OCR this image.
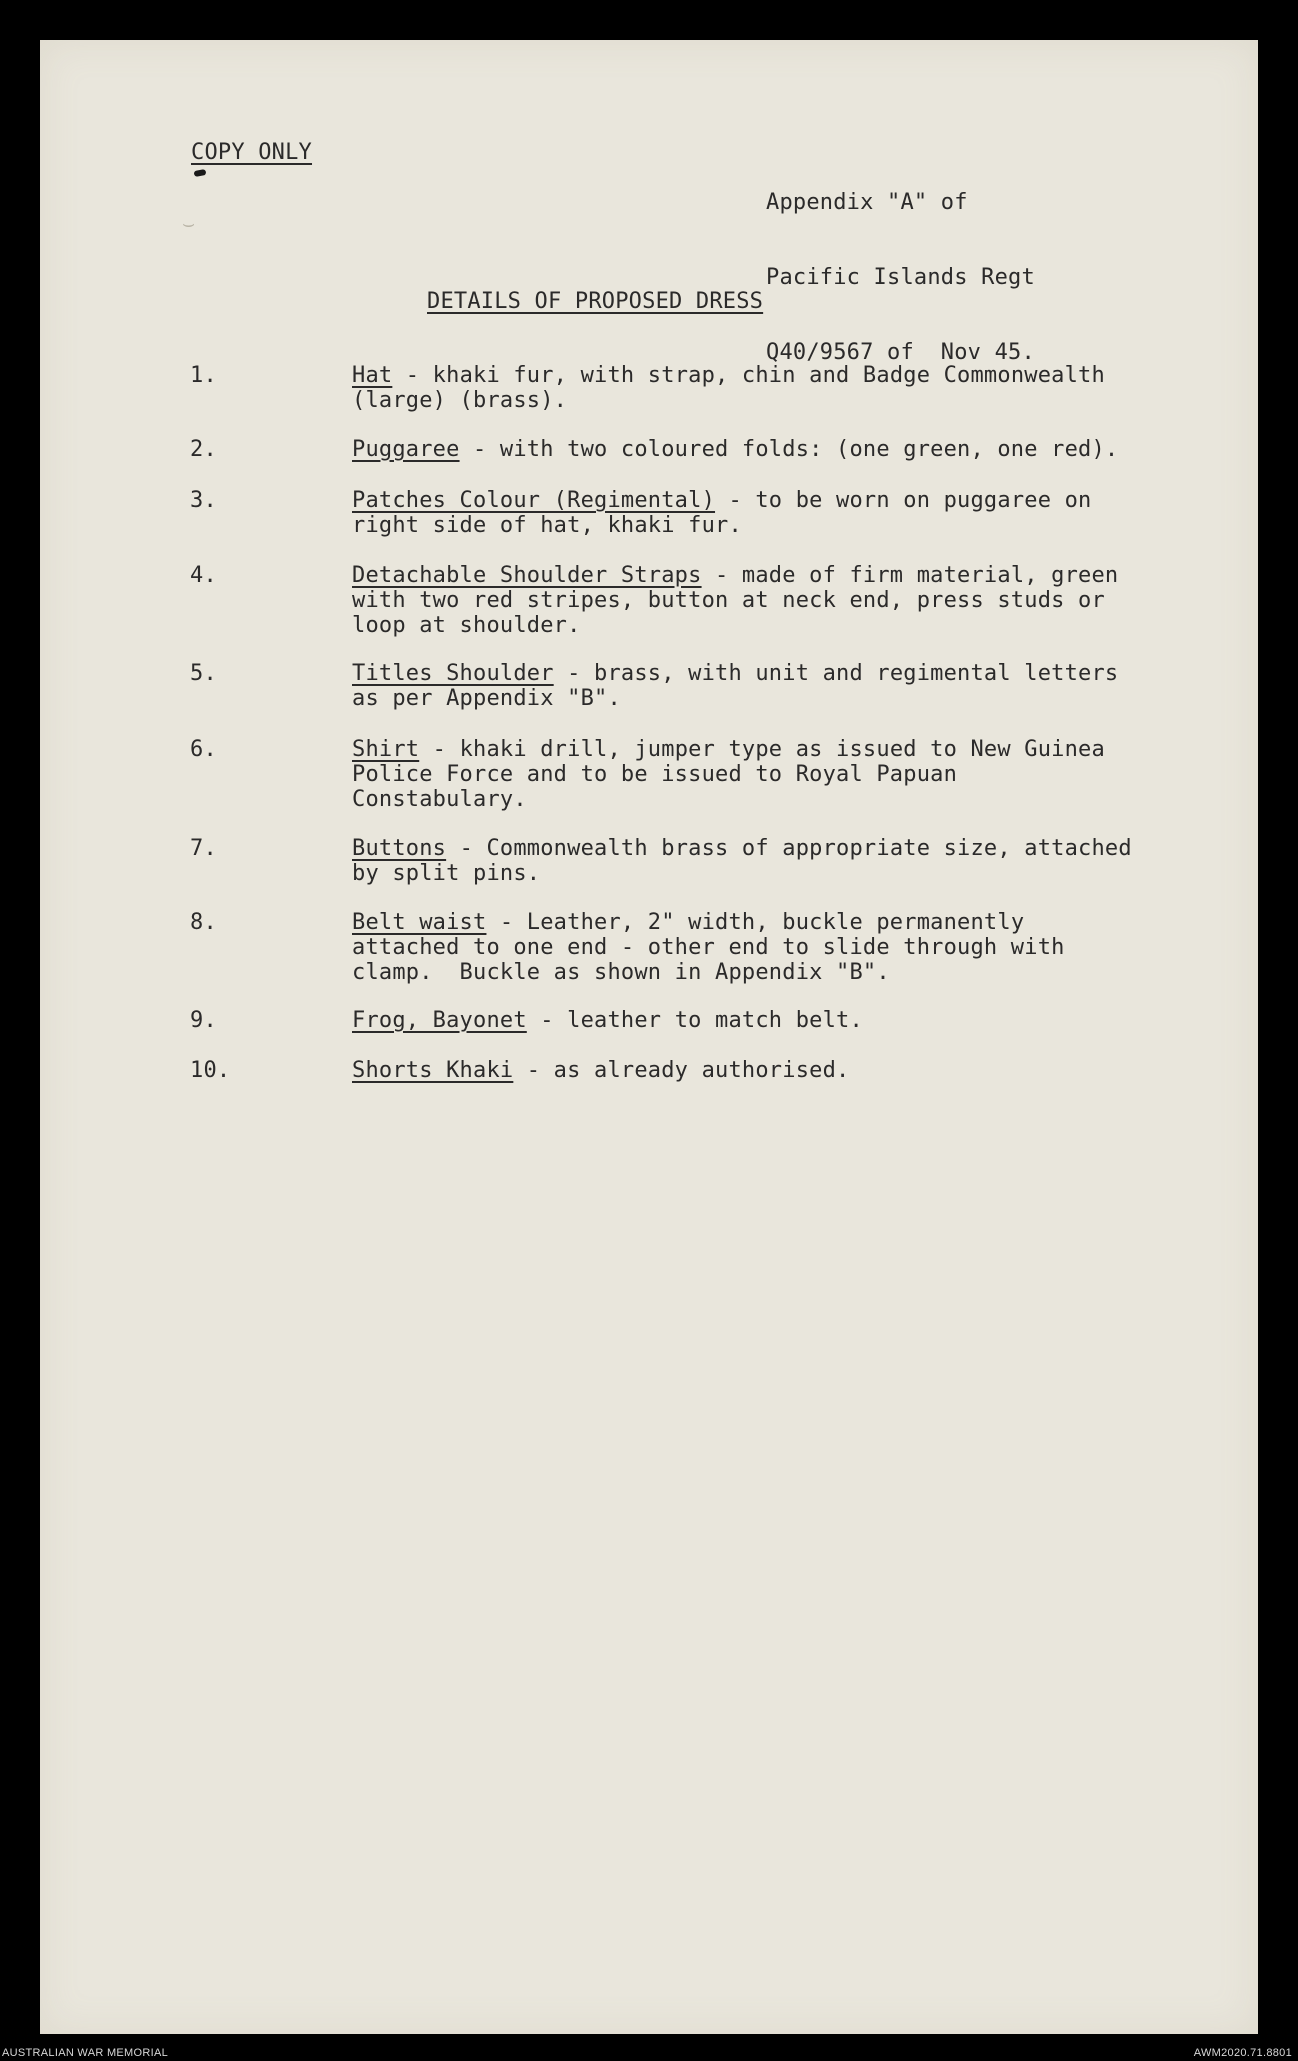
⌣
COPY ONLY

Appendix "A" of

Pacific Islands Regt

Q40/9567 of  Nov 45.

DETAILS OF PROPOSED DRESS
1.	Hat - khaki fur, with strap, chin and Badge Commonwealth
(large) (brass).
2.	Puggaree - with two coloured folds: (one green, one red).
3.	Patches Colour (Regimental) - to be worn on puggaree on
right side of hat, khaki fur.
4.	Detachable Shoulder Straps - made of firm material, green
with two red stripes, button at neck end, press studs or
loop at shoulder.
5.	Titles Shoulder - brass, with unit and regimental letters
as per Appendix "B".
6.	Shirt - khaki drill, jumper type as issued to New Guinea
Police Force and to be issued to Royal Papuan
Constabulary.
7.	Buttons - Commonwealth brass of appropriate size, attached
by split pins.
8.	Belt waist - Leather, 2" width, buckle permanently
attached to one end - other end to slide through with
clamp.  Buckle as shown in Appendix "B".
9.	Frog, Bayonet - leather to match belt.
10.	Shorts Khaki - as already authorised.
AUSTRALIAN WAR MEMORIAL	AWM2020.71.8801
